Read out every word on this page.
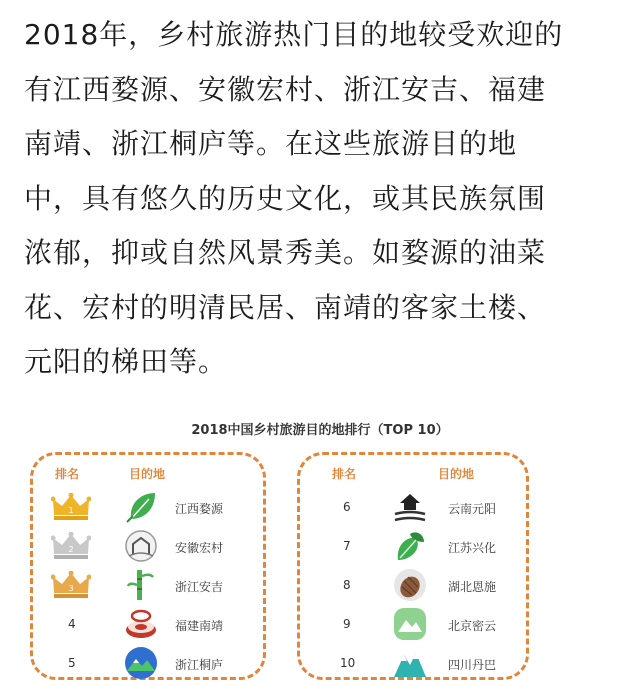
2018年，乡村旅游热门目的地较受欢迎的
有江西婺源、安徽宏村、浙江安吉、福建
南靖、浙江桐庐等。在这些旅游目的地
中，具有悠久的历史文化，或其民族氛围
浓郁，抑或自然风景秀美。如婺源的油菜
花、宏村的明清民居、南靖的客家土楼、
元阳的梯田等。
2018中国乡村旅游目的地排行（TOP 10）
排名	目的地
1	江西婺源
2	安徽宏村
3	浙江安吉
4	福建南靖
5	浙江桐庐
排名	目的地
6	云南元阳
7	江苏兴化
8	湖北恩施
9	北京密云
10	四川丹巴
